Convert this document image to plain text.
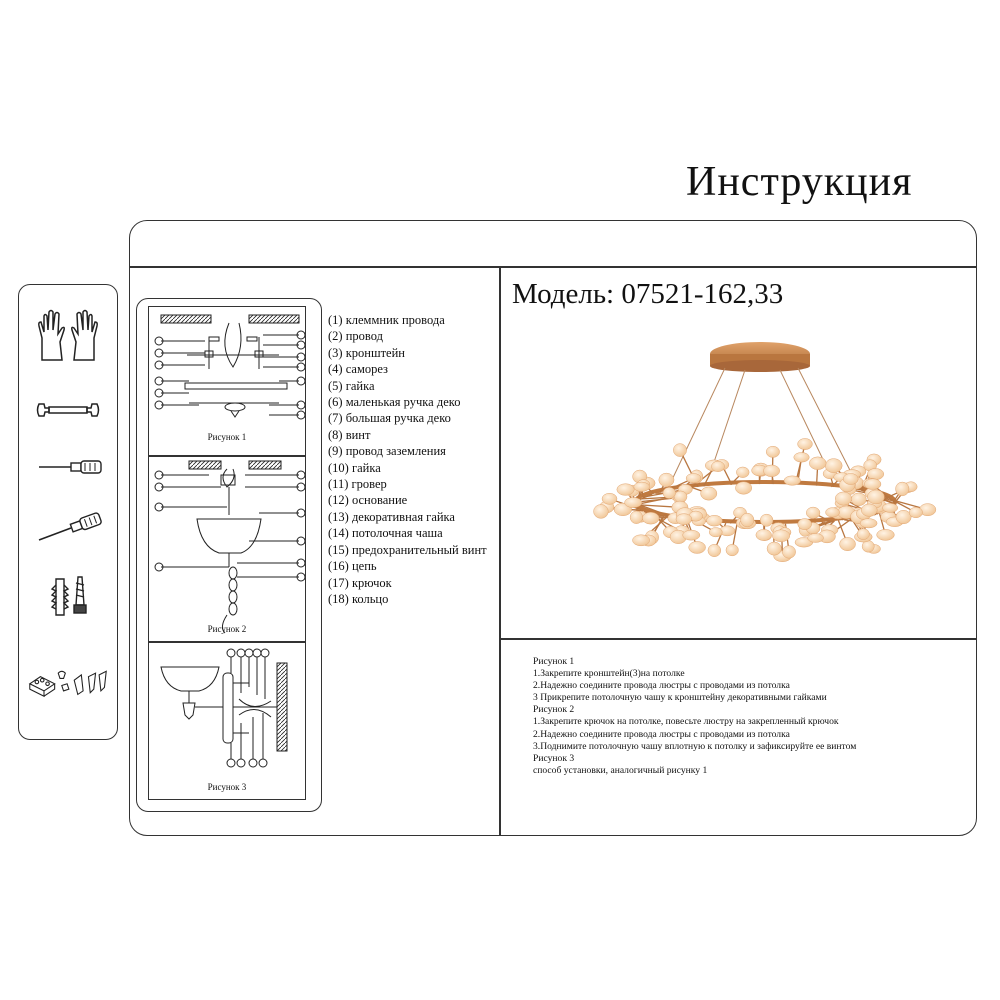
Инструкция
Рисунок 1
Рисунок 2
Рисунок 3
(1) клеммник провода
(2) провод
(3) кронштейн
(4) саморез
(5) гайка
(6) маленькая ручка деко
(7) большая ручка деко
(8) винт
(9) провод заземления
(10) гайка
(11) гровер
(12) основание
(13) декоративная гайка
(14) потолочная чаша
(15) предохранительный винт
(16) цепь
(17) крючок
(18) кольцо
Модель: 07521-162,33
Рисунок 1
1.Закрепите кронштейн(3)на потолке
2.Надежно соедините провода люстры с проводами из потолка
3 Прикрепите потолочную чашу к кронштейну декоративными гайками
Рисунок 2
1.Закрепите крючок на потолке, повесьте люстру на закрепленный крючок
2.Надежно соедините провода люстры с проводами из потолка
3.Поднимите потолочную чашу вплотную к потолку и зафиксируйте ее винтом
Рисунок 3
способ установки, аналогичный рисунку 1
